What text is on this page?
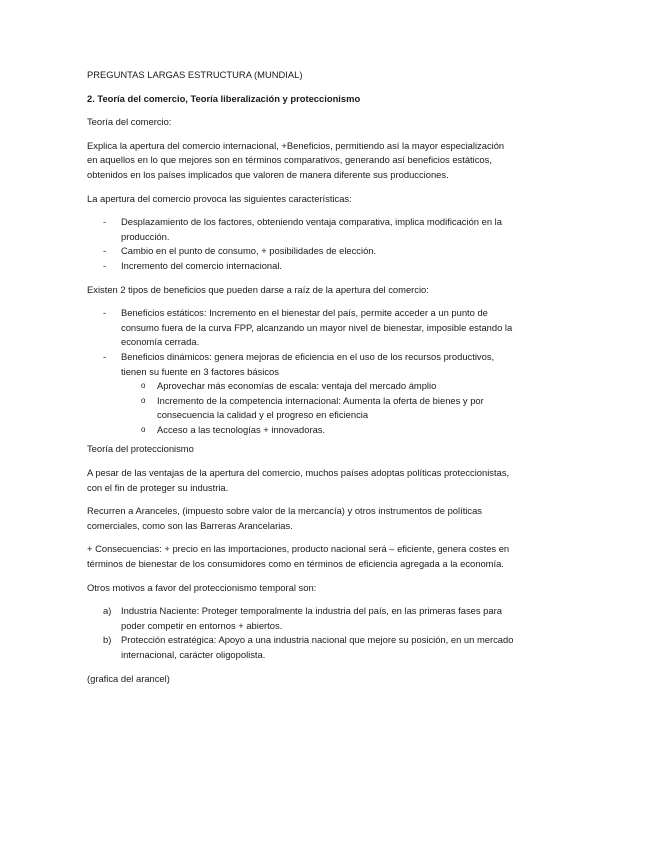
PREGUNTAS LARGAS ESTRUCTURA (MUNDIAL)

2. Teoría del comercio, Teoría liberalización y proteccionismo

Teoría del comercio:

Explica la apertura del comercio internacional, +Beneficios, permitiendo así la mayor especialización en aquellos en lo que mejores son en términos comparativos, generando así beneficios estáticos, obtenidos en los países implicados que valoren de manera diferente sus producciones.

La apertura del comercio provoca las siguientes características:

- Desplazamiento de los factores, obteniendo ventaja comparativa, implica modificación en la producción.
- Cambio en el punto de consumo, + posibilidades de elección.
- Incremento del comercio internacional.

Existen 2 tipos de beneficios que pueden darse a raíz de la apertura del comercio:

- Beneficios estáticos: Incremento en el bienestar del país, permite acceder a un punto de consumo fuera de la curva FPP, alcanzando un mayor nivel de bienestar, imposible estando la economía cerrada.
- Beneficios dinámicos: genera mejoras de eficiencia en el uso de los recursos productivos, tienen su fuente en 3 factores básicos
o Aprovechar más economías de escala: ventaja del mercado ámplio
o Incremento de la competencia internacional: Aumenta la oferta de bienes y por consecuencia la calidad y el progreso en eficiencia
o Acceso a las tecnologías + innovadoras.

Teoría del proteccionismo

A pesar de las ventajas de la apertura del comercio, muchos países adoptas políticas proteccionistas, con el fin de proteger su industria.

Recurren a Aranceles, (impuesto sobre valor de la mercancía) y otros instrumentos de políticas comerciales, como son las Barreras Arancelarias.

+ Consecuencias: + precio en las importaciones, producto nacional será – eficiente, genera costes en términos de bienestar de los consumidores como en términos de eficiencia agregada a la economía.

Otros motivos a favor del proteccionismo temporal son:

a) Industria Naciente: Proteger temporalmente la industria del país, en las primeras fases para poder competir en entornos + abiertos.
b) Protección estratégica: Apoyo a una industria nacional que mejore su posición, en un mercado internacional, carácter oligopolista.

(grafica del arancel)
